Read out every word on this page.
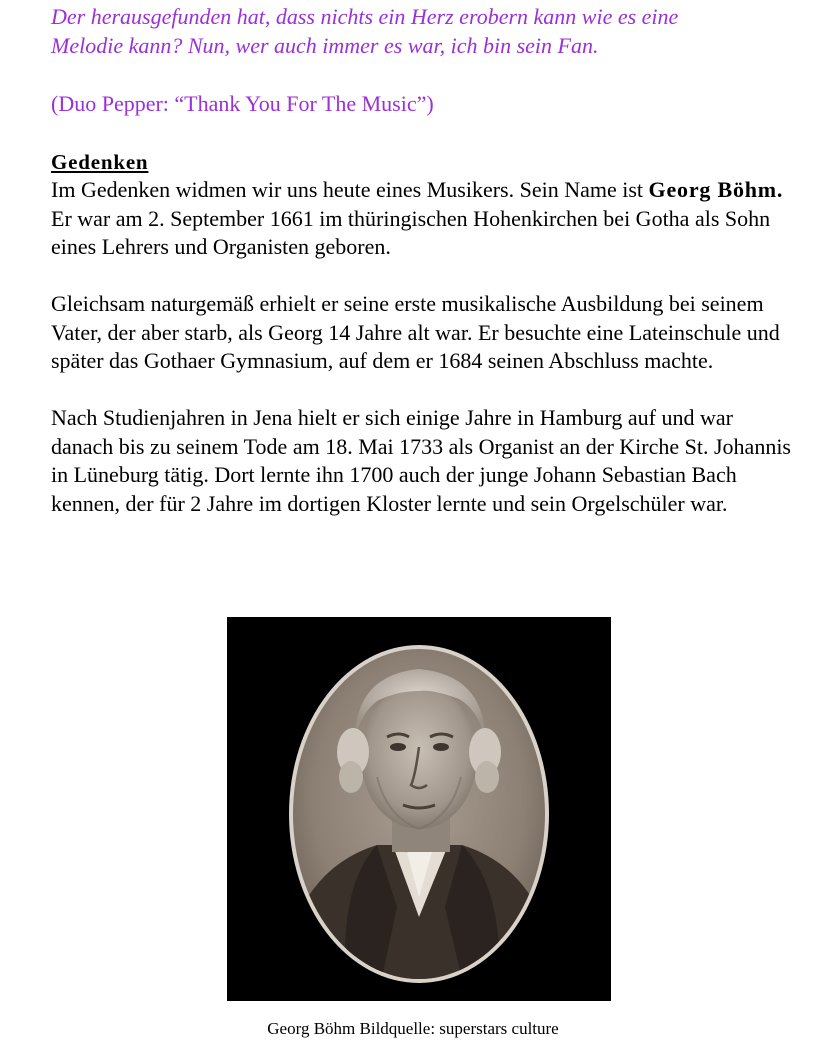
Der herausgefunden hat, dass nichts ein Herz erobern kann wie es eine
Melodie kann? Nun, wer auch immer es war, ich bin sein Fan.
(Duo Pepper: “Thank You For The Music”)
Gedenken

Im Gedenken widmen wir uns heute eines Musikers. Sein Name ist Georg Böhm. Er war am 2. September 1661 im thüringischen Hohenkirchen bei Gotha als Sohn eines Lehrers und Organisten geboren.

Gleichsam naturgemäß erhielt er seine erste musikalische Ausbildung bei seinem Vater, der aber starb, als Georg 14 Jahre alt war. Er besuchte eine Lateinschule und später das Gothaer Gymnasium, auf dem er 1684 seinen Abschluss machte.

Nach Studienjahren in Jena hielt er sich einige Jahre in Hamburg auf und war danach bis zu seinem Tode am 18. Mai 1733 als Organist an der Kirche St. Johannis in Lüneburg tätig. Dort lernte ihn 1700 auch der junge Johann Sebastian Bach kennen, der für 2 Jahre im dortigen Kloster lernte und sein Orgelschüler war.

Georg Böhm Bildquelle: superstars culture
